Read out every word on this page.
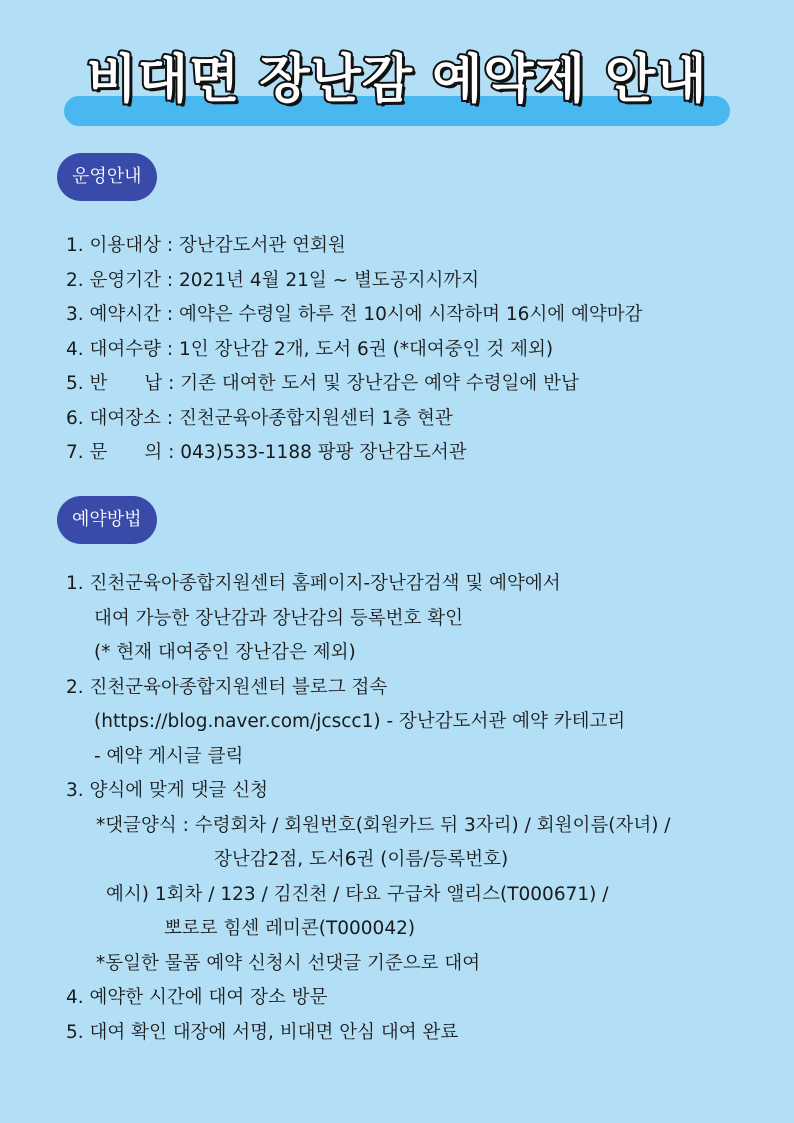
비대면 장난감 예약제 안내
운영안내
1. 이용대상 : 장난감도서관 연회원
2. 운영기간 : 2021년 4월 21일 ~ 별도공지시까지
3. 예약시간 : 예약은 수령일 하루 전 10시에 시작하며 16시에 예약마감
4. 대여수량 : 1인 장난감 2개, 도서 6권 (*대여중인 것 제외)
5. 반　　납 : 기존 대여한 도서 및 장난감은 예약 수령일에 반납
6. 대여장소 : 진천군육아종합지원센터 1층 현관
7. 문　　의 : 043)533-1188 팡팡 장난감도서관
예약방법
1. 진천군육아종합지원센터 홈페이지-장난감검색 및 예약에서
대여 가능한 장난감과 장난감의 등록번호 확인
(* 현재 대여중인 장난감은 제외)
2. 진천군육아종합지원센터 블로그 접속
(https://blog.naver.com/jcscc1) - 장난감도서관 예약 카테고리
- 예약 게시글 클릭
3. 양식에 맞게 댓글 신청
*댓글양식 : 수령회차 / 회원번호(회원카드 뒤 3자리) / 회원이름(자녀) /
장난감2점, 도서6권 (이름/등록번호)
예시) 1회차 / 123 / 김진천 / 타요 구급차 앨리스(T000671) /
뽀로로 힘센 레미콘(T000042)
*동일한 물품 예약 신청시 선댓글 기준으로 대여
4. 예약한 시간에 대여 장소 방문
5. 대여 확인 대장에 서명, 비대면 안심 대여 완료
